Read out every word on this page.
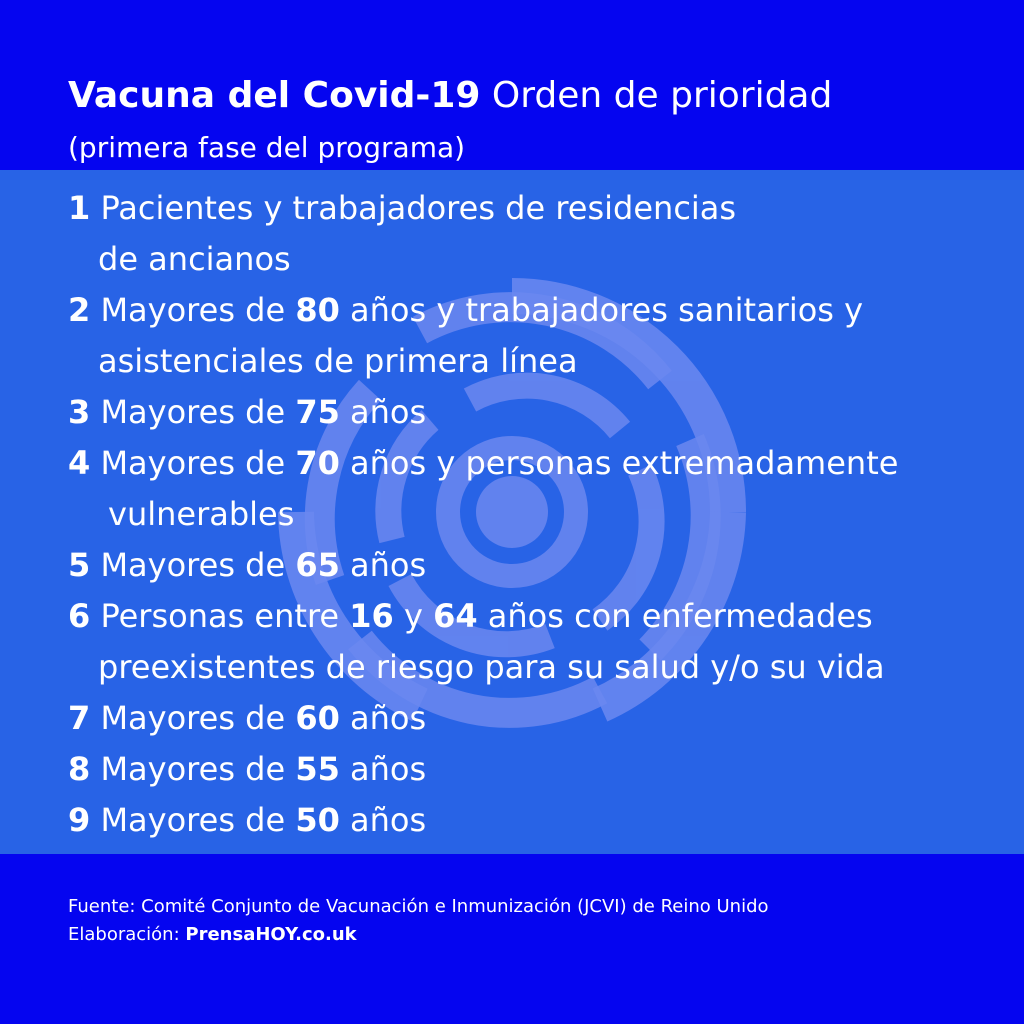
Vacuna del Covid-19 Orden de prioridad
(primera fase del programa)
1 Pacientes y trabajadores de residencias
de ancianos
2 Mayores de 80 años y trabajadores sanitarios y
asistenciales de primera línea
3 Mayores de 75 años
4 Mayores de 70 años y personas extremadamente
vulnerables
5 Mayores de 65 años
6 Personas entre 16 y 64 años con enfermedades
preexistentes de riesgo para su salud y/o su vida
7 Mayores de 60 años
8 Mayores de 55 años
9 Mayores de 50 años
Fuente: Comité Conjunto de Vacunación e Inmunización (JCVI) de Reino Unido
Elaboración: PrensaHOY.co.uk
